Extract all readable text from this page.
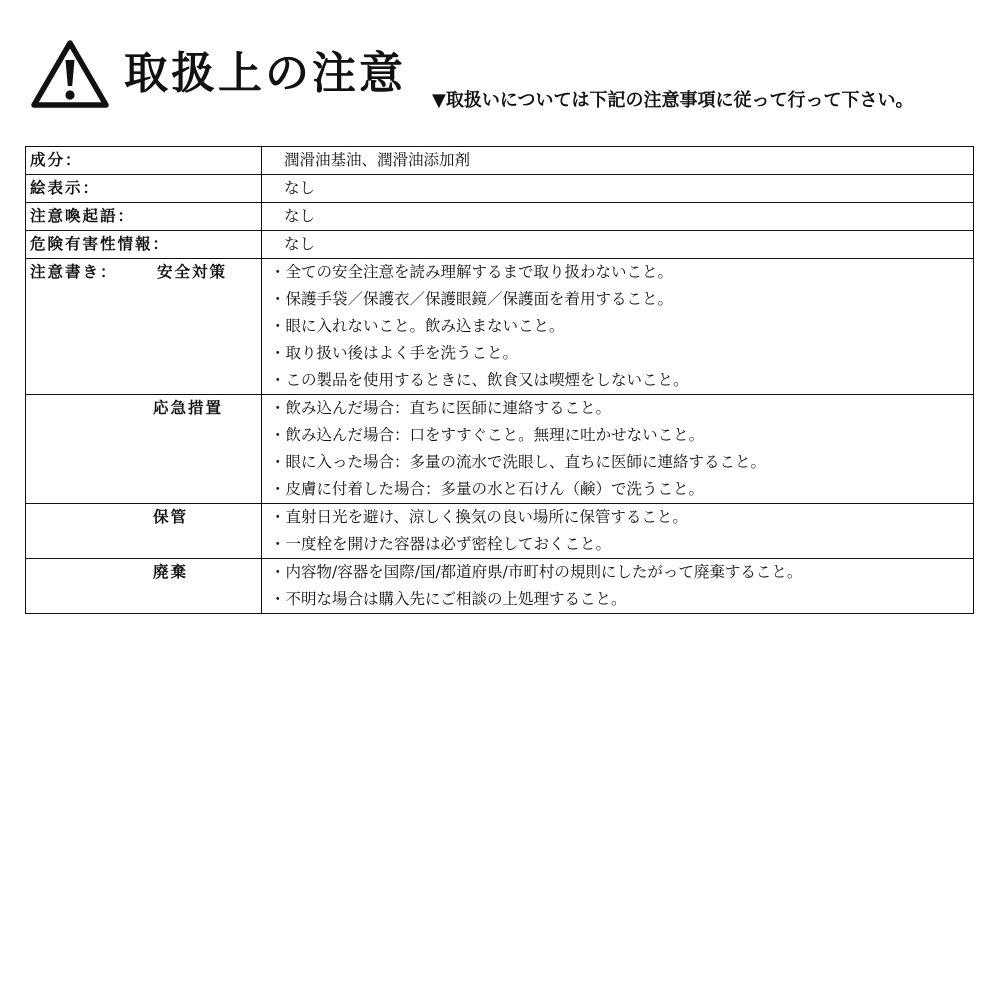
取扱上の注意
▼取扱いについては下記の注意事項に従って行って下さい。
成分：	潤滑油基油、潤滑油添加剤
絵表示：	なし
注意喚起語：	なし
危険有害性情報：	なし
注意書き： 安全対策	・全ての安全注意を読み理解するまで取り扱わないこと。
・保護手袋／保護衣／保護眼鏡／保護面を着用すること。
・眼に入れないこと。飲み込まないこと。
・取り扱い後はよく手を洗うこと。
・この製品を使用するときに、飲食又は喫煙をしないこと。

応急措置	・飲み込んだ場合：直ちに医師に連絡すること。
・飲み込んだ場合：口をすすぐこと。無理に吐かせないこと。
・眼に入った場合：多量の流水で洗眼し、直ちに医師に連絡すること。
・皮膚に付着した場合：多量の水と石けん（鹸）で洗うこと。

保管	・直射日光を避け、涼しく換気の良い場所に保管すること。
・一度栓を開けた容器は必ず密栓しておくこと。

廃棄	・内容物/容器を国際/国/都道府県/市町村の規則にしたがって廃棄すること。
・不明な場合は購入先にご相談の上処理すること。
